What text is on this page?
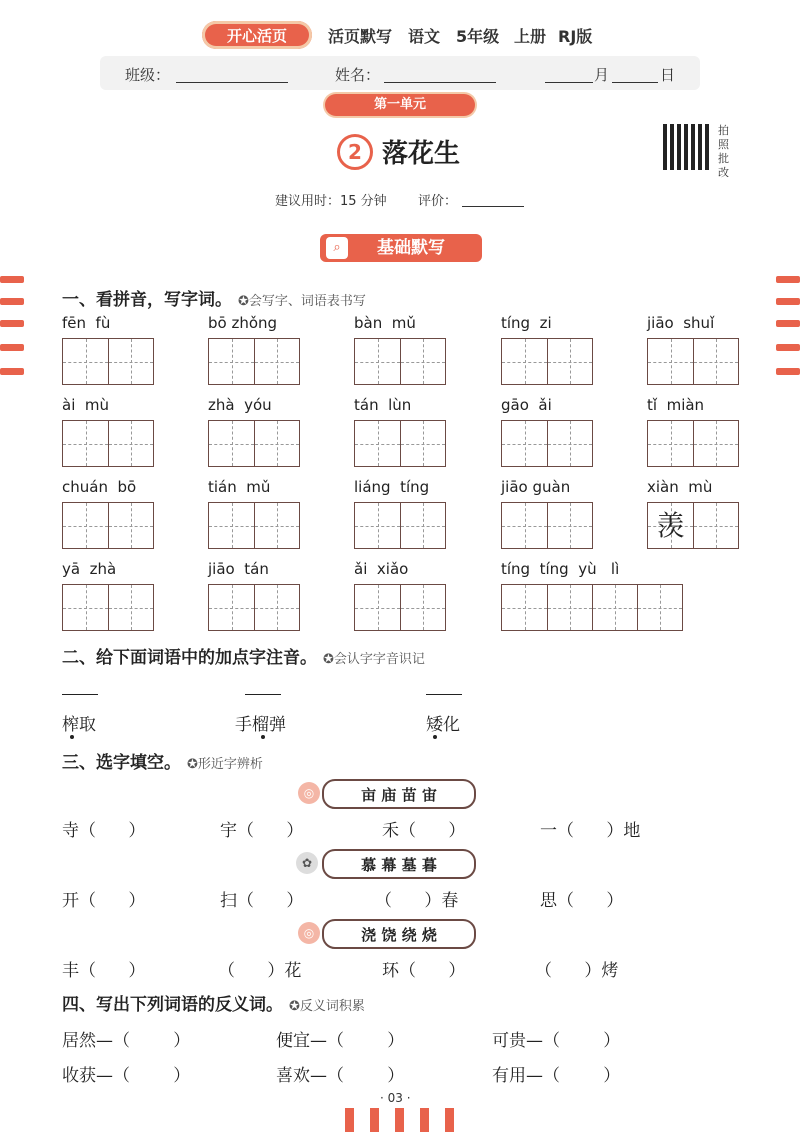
开心活页	活页默写 语文 5年级 上册 RJ版
班级：	姓名：	月	日
第一单元
2 落花生
拍照批改
建议用时：15 分钟 评价：
基础默写
⌕
一、看拼音，写字词。 ✪会写字、词语表书写
fēn  fù	bō zhǒng	bàn  mǔ	tíng  zi	jiāo  shuǐ
ài  mù	zhà  yóu	tán  lùn	gāo  ǎi	tǐ  miàn
chuán  bō	tián  mǔ	liáng  tíng	jiāo guàn	xiàn  mù
羡
yā  zhà	jiāo  tán	ǎi  xiǎo	tíng  tíng  yù   lì
二、给下面词语中的加点字注音。 ✪会认字字音识记
榨取	手榴弹	矮化
三、选字填空。 ✪形近字辨析
◎	亩 庙 苗 宙
寺（      ）	宇（      ）	禾（      ）	一（      ）地
✿	慕 幕 墓 暮
开（      ）	扫（      ）	（      ）春	思（      ）
◎	浇 饶 绕 烧
丰（      ）	（      ）花	环（      ）	（      ）烤
四、写出下列词语的反义词。 ✪反义词积累
居然—（        ）	便宜—（        ）	可贵—（        ）
收获—（        ）	喜欢—（        ）	有用—（        ）
· 03 ·
